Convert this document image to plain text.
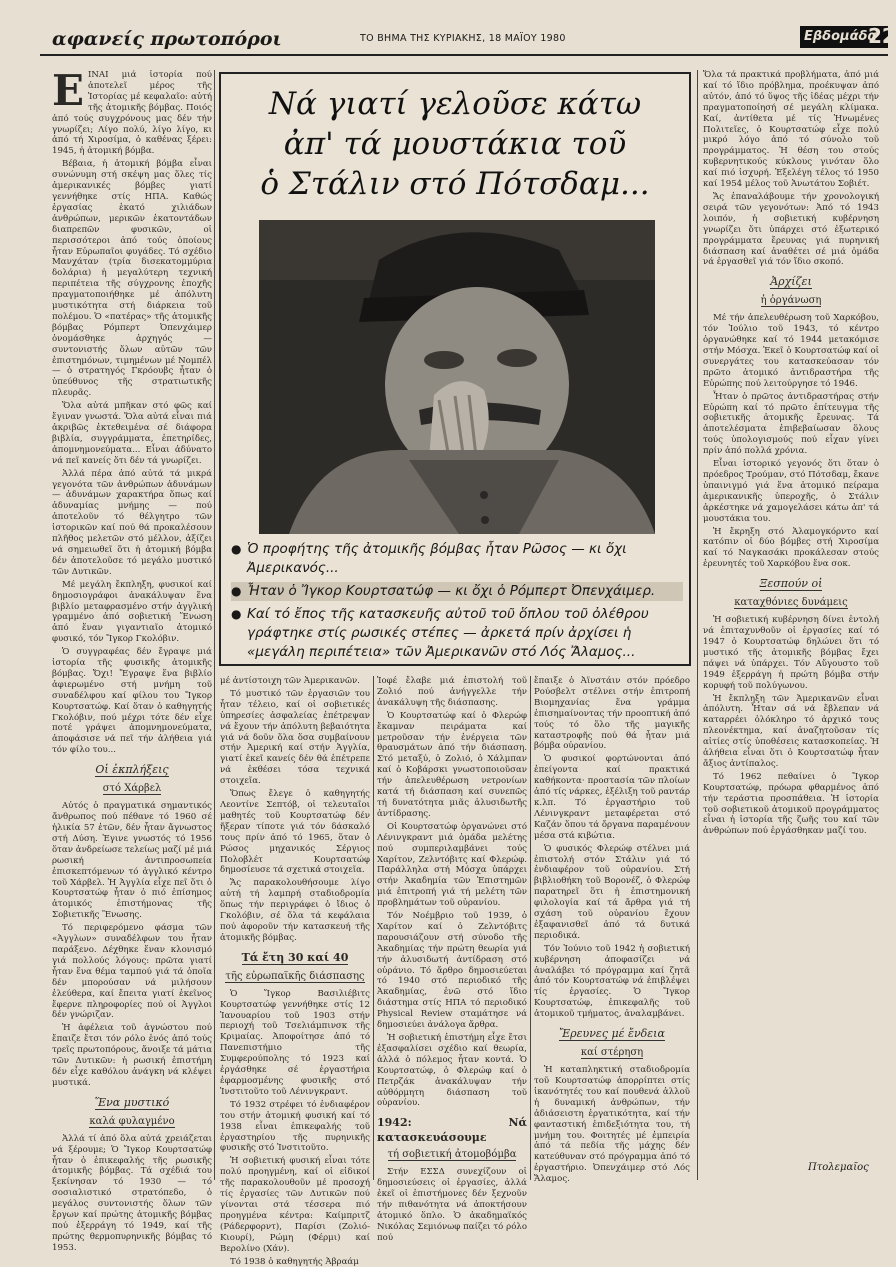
αφανείς πρωτοπόροι	ΤΟ ΒΗΜΑ ΤΗΣ ΚΥΡΙΑΚΗΣ, 18 ΜΑΪΟΥ 1980	Εβδομάδα
22

ΕΙΝΑΙ μιά ἱστορία πού ἀποτελεῖ μέρος τῆς Ἱστορίας μέ κεφαλαῖο: αὐτή τῆς ἀτομικῆς βόμβας. Ποιός ἀπό τούς συγχρόνους μας δέν τήν γνωρίζει; Λίγο πολύ, λίγο λίγο, κι ἀπό τή Χιροσίμα, ὁ καθένας ξέρει: 1945, ἡ ἀτομική βόμβα.

Βέβαια, ἡ ἀτομική βόμβα εἶναι συνώνυμη στή σκέψη μας ὅλες τίς ἀμερικανικές βόμβες γιατί γεννήθηκε στίς ΗΠΑ. Καθώς ἐργασίας ἑκατό χιλιάδων ἀνθρώπων, μερικῶν ἑκατοντάδων διαπρεπῶν φυσικῶν, οἱ περισσότεροι ἀπό τούς ὁποίους ἦταν Εὐρωπαῖοι φυγάδες. Τό σχέδιο Μανχάταν (τρία δισεκατομμύρια δολάρια) ἡ μεγαλύτερη τεχνική περιπέτεια τῆς σύγχρονης ἐποχῆς πραγματοποιήθηκε μέ ἀπόλυτη μυστικότητα στή διάρκεια τοῦ πολέμου. Ὁ «πατέρας» τῆς ἀτομικῆς βόμβας Ρόμπερτ Ὀπενχάιμερ ὀνομάσθηκε ἀρχηγός — συντονιστής ὅλων αὐτῶν τῶν ἐπιστημόνων, τιμημένων μέ Νομπέλ — ὁ στρατηγός Γκρόουβς ἦταν ὁ ὑπεύθυνος τῆς στρατιωτικῆς πλευρᾶς.

Ὅλα αὐτά μπῆκαν στό φῶς καί ἔγιναν γνωστά. Ὅλα αὐτά εἶναι πιά ἀκριβῶς ἐκτεθειμένα σέ διάφορα βιβλία, συγγράμματα, ἐπετηρίδες, ἀπομνημονεύματα... Εἶναι ἀδύνατο νά πεῖ κανείς ὅτι δέν τά γνωρίζει.

Ἀλλά πέρα ἀπό αὐτά τά μικρά γεγονότα τῶν ἀνθρώπων ἀδυνάμων — ἀδυνάμων χαρακτήρα ὅπως καί ἀδυναμίας μνήμης — πού ἀποτελοῦν τό θέλγητρο τῶν ἱστορικῶν καί πού θά προκαλέσουν πλῆθος μελετῶν στό μέλλον, ἀξίζει νά σημειωθεῖ ὅτι ἡ ἀτομική βόμβα δέν ἀποτελοῦσε τό μεγάλο μυστικό τῶν Δυτικῶν.

Μέ μεγάλη ἔκπληξη, φυσικοί καί δημοσιογράφοι ἀνακάλυψαν ἕνα βιβλίο μεταφρασμένο στήν ἀγγλική γραμμένο ἀπό σοβιετική Ἕνωση ἀπό ἕναν γιγαντιαῖο ἀτομικό φυσικό, τόν Ἴγκορ Γκολόβιν.

Ὁ συγγραφέας δέν ἔγραψε μιά ἱστορία τῆς φυσικῆς ἀτομικῆς βόμβας. Ὄχι! Ἔγραψε ἕνα βιβλίο ἀφιερωμένο στή μνήμη τοῦ συναδέλφου καί φίλου του Ἴγκορ Κουρτσατώφ. Καί ὅταν ὁ καθηγητής Γκολόβιν, πού μέχρι τότε δέν εἶχε ποτέ γράψει ἀπομνημονεύματα, ἀποφάσισε νά πεῖ τήν ἀλήθεια γιά τόν φίλο του...

Οἱ ἐκπλήξεις
στό Χάρβελ

Αὐτός ὁ πραγματικά σημαντικός ἄνθρωπος πού πέθανε τό 1960 σέ ἡλικία 57 ἐτῶν, δέν ἦταν ἄγνωστος στή Δύση. Ἐγινε γνωστός τό 1956 ὅταν ἀνδρείωσε τελείως μαζί μέ μιά ρωσική ἀντιπροσωπεία ἐπισκεπτόμενων τό ἀγγλικό κέντρο τοῦ Χάρβελ. Ἡ Ἀγγλία εἶχε πεῖ ὅτι ὁ Κουρτσατώφ ἦταν ὁ πιό ἐπίσημος ἀτομικός ἐπιστήμονας τῆς Σοβιετικῆς Ἕνωσης.

Τό περιφερόμενο φάσμα τῶν «Ἀγγλων» συναδέλφων του ἦταν παράξενο. Δέχθηκε ἕναν κλονισμό γιά πολλούς λόγους: πρῶτα γιατί ἦταν ἕνα θέμα ταμπού γιά τά ὁποῖα δέν μπορούσαν νά μιλήσουν ἐλεύθερα, καί ἔπειτα γιατί ἐκεῖνος ἔφερνε πληροφορίες πού οἱ Ἀγγλοι δέν γνώριζαν.

Ἡ ἀφέλεια τοῦ ἀγνώστου πού ἔπαιζε ἔτσι τόν ρόλο ἑνός ἀπό τούς τρεῖς πρωτοπόρους, ἄνοιξε τά μάτια τῶν Δυτικῶν: ἡ ρωσική ἐπιστήμη δέν εἶχε καθόλου ἀνάγκη νά κλέψει μυστικά.

Ἕνα μυστικό
καλά φυλαγμένο

Ἀλλά τί ἀπό ὅλα αὐτά χρειάζεται νά ξέρουμε; Ὁ Ἴγκορ Κουρτσατώφ ἦταν ὁ ἐπικεφαλής τῆς ρωσικῆς ἀτομικῆς βόμβας. Τά σχέδιά του ξεκίνησαν τό 1930 — τό σοσιαλιστικό στρατόπεδο, ὁ μεγάλος συντονιστής ὅλων τῶν ἔργων καί πρώτης ἀτομικῆς βόμβας πού ἐξερράγη τό 1949, καί τῆς πρώτης θερμοπυρηνικῆς βόμβας τό 1953.

Νά γιατί γελοῦσε κάτω
ἀπ' τά μουστάκια τοῦ
ὁ Στάλιν στό Πότσδαμ...
● Ὁ προφήτης τῆς ἀτομικῆς βόμβας ἦταν Ρῶσος — κι ὄχι Ἀμερικανός...
● Ἦταν ὁ Ἴγκορ Κουρτσατώφ — κι ὄχι ὁ Ρόμπερτ Ὀπενχάιμερ.
● Καί τό ἔπος τῆς κατασκευῆς αὐτοῦ τοῦ ὅπλου τοῦ ὀλέθρου γράφτηκε στίς ρωσικές στέπες — ἀρκετά πρίν ἀρχίσει ἡ «μεγάλη περιπέτεια» τῶν Ἀμερικανῶν στό Λός Ἄλαμος...

μέ ἀντίστοιχη τῶν Ἀμερικανῶν.

Τό μυστικό τῶν ἐργασιῶν του ἦταν τέλειο, καί οἱ σοβιετικές ὑπηρεσίες ἀσφαλείας ἐπέτρεψαν νά ἔχουν τήν ἀπόλυτη βεβαιότητα γιά νά δοῦν ὅλα ὅσα συμβαίνουν στήν Ἀμερική καί στήν Ἀγγλία, γιατί ἐκεῖ κανείς δέν θά ἐπέτρεπε νά ἐκθέσει τόσα τεχνικά στοιχεῖα.

Ὅπως ἔλεγε ὁ καθηγητής Λεοντίνε Σεπτόβ, οἱ τελευταῖοι μαθητές τοῦ Κουρτσατώφ δέν ἤξεραν τίποτε γιά τόν δάσκαλό τους πρίν ἀπό τό 1965, ὅταν ὁ Ρώσος μηχανικός Σέργιος Πολοβλέτ Κουρτσατώφ δημοσίευσε τά σχετικά στοιχεῖα.

Ἄς παρακολουθήσουμε λίγο αὐτή τή λαμπρή σταδιοδρομία ὅπως τήν περιγράφει ὁ ἴδιος ὁ Γκολόβιν, σέ ὅλα τά κεφάλαια πού ἀφοροῦν τήν κατασκευή τῆς ἀτομικῆς βόμβας.

Τά ἔτη 30 καί 40
τῆς εὐρωπαϊκῆς διάσπασης

Ὁ Ἴγκορ Βασιλιέβιτς Κουρτσατώφ γεννήθηκε στίς 12 Ἰανουαρίου τοῦ 1903 στήν περιοχή τοῦ Τσελιάμπινσκ τῆς Κριμαίας. Ἀποφοίτησε ἀπό τό Πανεπιστήμιο τῆς Συμφερούπολης τό 1923 καί ἐργάσθηκε σέ ἐργαστήρια ἐφαρμοσμένης φυσικῆς στό Ἰνστιτοῦτο τοῦ Λένινγκραντ.

Τό 1932 στρέφει τό ἐνδιαφέρον του στήν ἀτομική φυσική καί τό 1938 εἶναι ἐπικεφαλής τοῦ ἐργαστηρίου τῆς πυρηνικῆς φυσικῆς στό Ἰνστιτοῦτο.

Ἡ σοβιετική φυσική εἶναι τότε πολύ προηγμένη, καί οἱ εἰδικοί τῆς παρακολουθοῦν μέ προσοχή τίς ἐργασίες τῶν Δυτικῶν πού γίνονται στά τέσσερα πιό προηγμένα κέντρα: Καίμπριτζ (Ράδερφορντ), Παρίσι (Ζολιό-Κιουρί), Ρώμη (Φέρμι) καί Βερολίνο (Χάν).

Τό 1938 ὁ καθηγητής Ἀβραάμ

Ἰοφέ ἔλαβε μιά ἐπιστολή τοῦ Ζολιό πού ἀνήγγελλε τήν ἀνακάλυψη τῆς διάσπασης.

Ὁ Κουρτσατώφ καί ὁ Φλερώφ ἔκαμναν πειράματα καί μετροῦσαν τήν ἐνέργεια τῶν θραυσμάτων ἀπό τήν διάσπαση. Στό μεταξύ, ὁ Ζολιό, ὁ Χάλμπαν καί ὁ Κοβάρσκι γνωστοποιοῦσαν τήν ἀπελευθέρωση νετρονίων κατά τή διάσπαση καί συνεπῶς τή δυνατότητα μιᾶς ἁλυσιδωτῆς ἀντίδρασης.

Οἱ Κουρτσατώφ ὀργανώνει στό Λένινγκραντ μιά ὁμάδα μελέτης πού συμπεριλαμβάνει τούς Χαρίτον, Ζελντόβιτς καί Φλερώφ. Παράλληλα στή Μόσχα ὑπάρχει στήν Ἀκαδημία τῶν Ἐπιστημῶν μιά ἐπιτροπή γιά τή μελέτη τῶν προβλημάτων τοῦ οὐρανίου.

Τόν Νοέμβριο τοῦ 1939, ὁ Χαρίτον καί ὁ Ζελντόβιτς παρουσιάζουν στή σύνοδο τῆς Ἀκαδημίας τήν πρώτη θεωρία γιά τήν ἁλυσιδωτή ἀντίδραση στό οὐράνιο. Τό ἄρθρο δημοσιεύεται τό 1940 στό περιοδικό τῆς Ἀκαδημίας, ἐνῶ στό ἴδιο διάστημα στίς ΗΠΑ τό περιοδικό Physical Review σταμάτησε νά δημοσιεύει ἀνάλογα ἄρθρα.

Ἡ σοβιετική ἐπιστήμη εἶχε ἔτσι ἐξασφαλίσει σχέδιο καί θεωρία, ἀλλά ὁ πόλεμος ἦταν κοντά. Ὁ Κουρτσατώφ, ὁ Φλερώφ καί ὁ Πετρζάκ ἀνακάλυψαν τήν αὐθόρμητη διάσπαση τοῦ οὐρανίου.

1942: Νά κατασκευάσουμε
τή σοβιετική ἀτομοβόμβα

Στήν ΕΣΣΔ συνεχίζουν οἱ δημοσιεύσεις οἱ ἐργασίες, ἀλλά ἐκεῖ οἱ ἐπιστήμονες δέν ξεχνοῦν τήν πιθανότητα νά ἀποκτήσουν ἀτομικό ὅπλο. Ὁ ἀκαδημαϊκός Νικόλας Σεμιόνωφ παίζει τό ρόλο πού

ἔπαιξε ὁ Ἀϊνστάιν στόν πρόεδρο Ρούσβελτ στέλνει στήν ἐπιτροπή Βιομηχανίας ἕνα γράμμα ἐπισημαίνοντας τήν προοπτική ἀπό τούς τό ὅλο τῆς μαγικῆς καταστροφῆς πού θά ἦταν μιά βόμβα οὐρανίου.

Ὁ φυσικοί φορτώνονται ἀπό ἐπείγοντα καί πρακτικά καθήκοντα· προστασία τῶν πλοίων ἀπό τίς νάρκες, ἐξέλιξη τοῦ ραντάρ κ.λπ. Τό ἐργαστήριο τοῦ Λένινγκραντ μεταφέρεται στό Καζάν ὅπου τά ὄργανα παραμένουν μέσα στά κιβώτια.

Ὁ φυσικός Φλερώφ στέλνει μιά ἐπιστολή στόν Στάλιν γιά τό ἐνδιαφέρον τοῦ οὐρανίου. Στή βιβλιοθήκη τοῦ Βορονέζ, ὁ Φλερώφ παρατηρεῖ ὅτι ἡ ἐπιστημονική φιλολογία καί τά ἄρθρα γιά τή σχάση τοῦ οὐρανίου ἔχουν ἐξαφανισθεῖ ἀπό τά δυτικά περιοδικά.

Τόν Ἰούνιο τοῦ 1942 ἡ σοβιετική κυβέρνηση ἀποφασίζει νά ἀναλάβει τό πρόγραμμα καί ζητᾶ ἀπό τόν Κουρτσατώφ νά ἐπιβλέψει τίς ἐργασίες. Ὁ Ἴγκορ Κουρτσατώφ, ἐπικεφαλῆς τοῦ ἀτομικοῦ τμήματος, ἀναλαμβάνει.

Ἔρευνες μέ ἔνδεια
καί στέρηση

Ἡ καταπληκτική σταδιοδρομία τοῦ Κουρτσατώφ ἀπορρίπτει στίς ἱκανότητές του καί πουθενά ἀλλοῦ ἡ δυναμική ἀνθρώπων, τήν ἀδιάσειστη ἐργατικότητα, καί τήν φανταστική ἐπιδεξιότητα του, τή μνήμη του. Φοιτητές μέ ἐμπειρία ἀπό τά πεδία τῆς μάχης δέν κατεύθυναν στό πρόγραμμα ἀπό τό ἐργαστήριο. Ὀπενχάιμερ στό Λός Ἄλαμος.

Ὅλα τά πρακτικά προβλήματα, ἀπό μιά καί τό ἴδιο πρόβλημα, προέκυψαν ἀπό αὐτόν, ἀπό τό ὕψος τῆς ἰδέας μέχρι τήν πραγματοποίησή σέ μεγάλη κλίμακα. Καί, ἀντίθετα μέ τίς Ἡνωμένες Πολιτεῖες, ὁ Κουρτσατώφ εἶχε πολύ μικρό λόγο ἀπό τό σύνολο τοῦ προγράμματος. Ἡ θέση του στούς κυβερνητικούς κύκλους γινόταν ὅλο καί πιό ἰσχυρή. Ἐξελέγη τέλος τό 1950 καί 1954 μέλος τοῦ Ἀνωτάτου Σοβιέτ.

Ἄς ἐπαναλάβουμε τήν χρονολογική σειρά τῶν γεγονότων: Ἀπό τό 1943 λοιπόν, ἡ σοβιετική κυβέρνηση γνωρίζει ὅτι ὑπάρχει στό ἐξωτερικό προγράμματα ἔρευνας γιά πυρηνική διάσπαση καί ἀναθέτει σέ μιά ὁμάδα νά ἐργασθεῖ γιά τόν ἴδιο σκοπό.

Ἀρχίζει
ἡ ὀργάνωση

Μέ τήν ἀπελευθέρωση τοῦ Χαρκόβου, τόν Ἰούλιο τοῦ 1943, τό κέντρο ὀργανώθηκε καί τό 1944 μετακόμισε στήν Μόσχα. Ἐκεῖ ὁ Κουρτσατώφ καί οἱ συνεργάτες του κατασκεύασαν τόν πρῶτο ἀτομικό ἀντιδραστήρα τῆς Εὐρώπης πού λειτούργησε τό 1946.

Ἦταν ὁ πρῶτος ἀντιδραστήρας στήν Εὐρώπη καί τό πρῶτο ἐπίτευγμα τῆς σοβιετικῆς ἀτομικῆς ἔρευνας. Τά ἀποτελέσματα ἐπιβεβαίωσαν ὅλους τούς ὑπολογισμούς πού εἶχαν γίνει πρίν ἀπό πολλά χρόνια.

Εἶναι ἱστορικό γεγονός ὅτι ὅταν ὁ πρόεδρος Τρούμαν, στό Πότσδαμ, ἔκανε ὑπαινιγμό γιά ἕνα ἀτομικό πείραμα ἀμερικανικῆς ὑπεροχῆς, ὁ Στάλιν ἀρκέστηκε νά χαμογελάσει κάτω ἀπ' τά μουστάκια του.

Ἡ ἔκρηξη στό Ἀλαμογκόρντο καί κατόπιν οἱ δύο βόμβες στή Χιροσίμα καί τό Ναγκασάκι προκάλεσαν στούς ἐρευνητές τοῦ Χαρκόβου ἕνα σοκ.

Ξεσπούν οἱ
καταχθόνιες δυνάμεις

Ἡ σοβιετική κυβέρνηση δίνει ἐντολή νά ἐπιταχυνθοῦν οἱ ἐργασίες καί τό 1947 ὁ Κουρτσατώφ δηλώνει ὅτι τό μυστικό τῆς ἀτομικῆς βόμβας ἔχει πάψει νά ὑπάρχει. Τόν Αὔγουστο τοῦ 1949 ἐξερράγη ἡ πρώτη βόμβα στήν κορυφή τοῦ πολύγωνου.

Ἡ ἔκπληξη τῶν Ἀμερικανῶν εἶναι ἀπόλυτη. Ἦταν σά νά ἔβλεπαν νά καταρρέει ὁλόκληρο τό ἀρχικό τους πλεονέκτημα, καί ἀναζητοῦσαν τίς αἰτίες στίς ὑποθέσεις κατασκοπείας. Ἡ ἀλήθεια εἶναι ὅτι ὁ Κουρτσατώφ ἦταν ἄξιος ἀντίπαλος.

Τό 1962 πεθαίνει ὁ Ἴγκορ Κουρτσατώφ, πρόωρα φθαρμένος ἀπό τήν τεράστια προσπάθεια. Ἡ ἱστορία τοῦ σοβιετικοῦ ἀτομικοῦ προγράμματος εἶναι ἡ ἱστορία τῆς ζωῆς του καί τῶν ἀνθρώπων πού ἐργάσθηκαν μαζί του.

Πτολεμαῖος
